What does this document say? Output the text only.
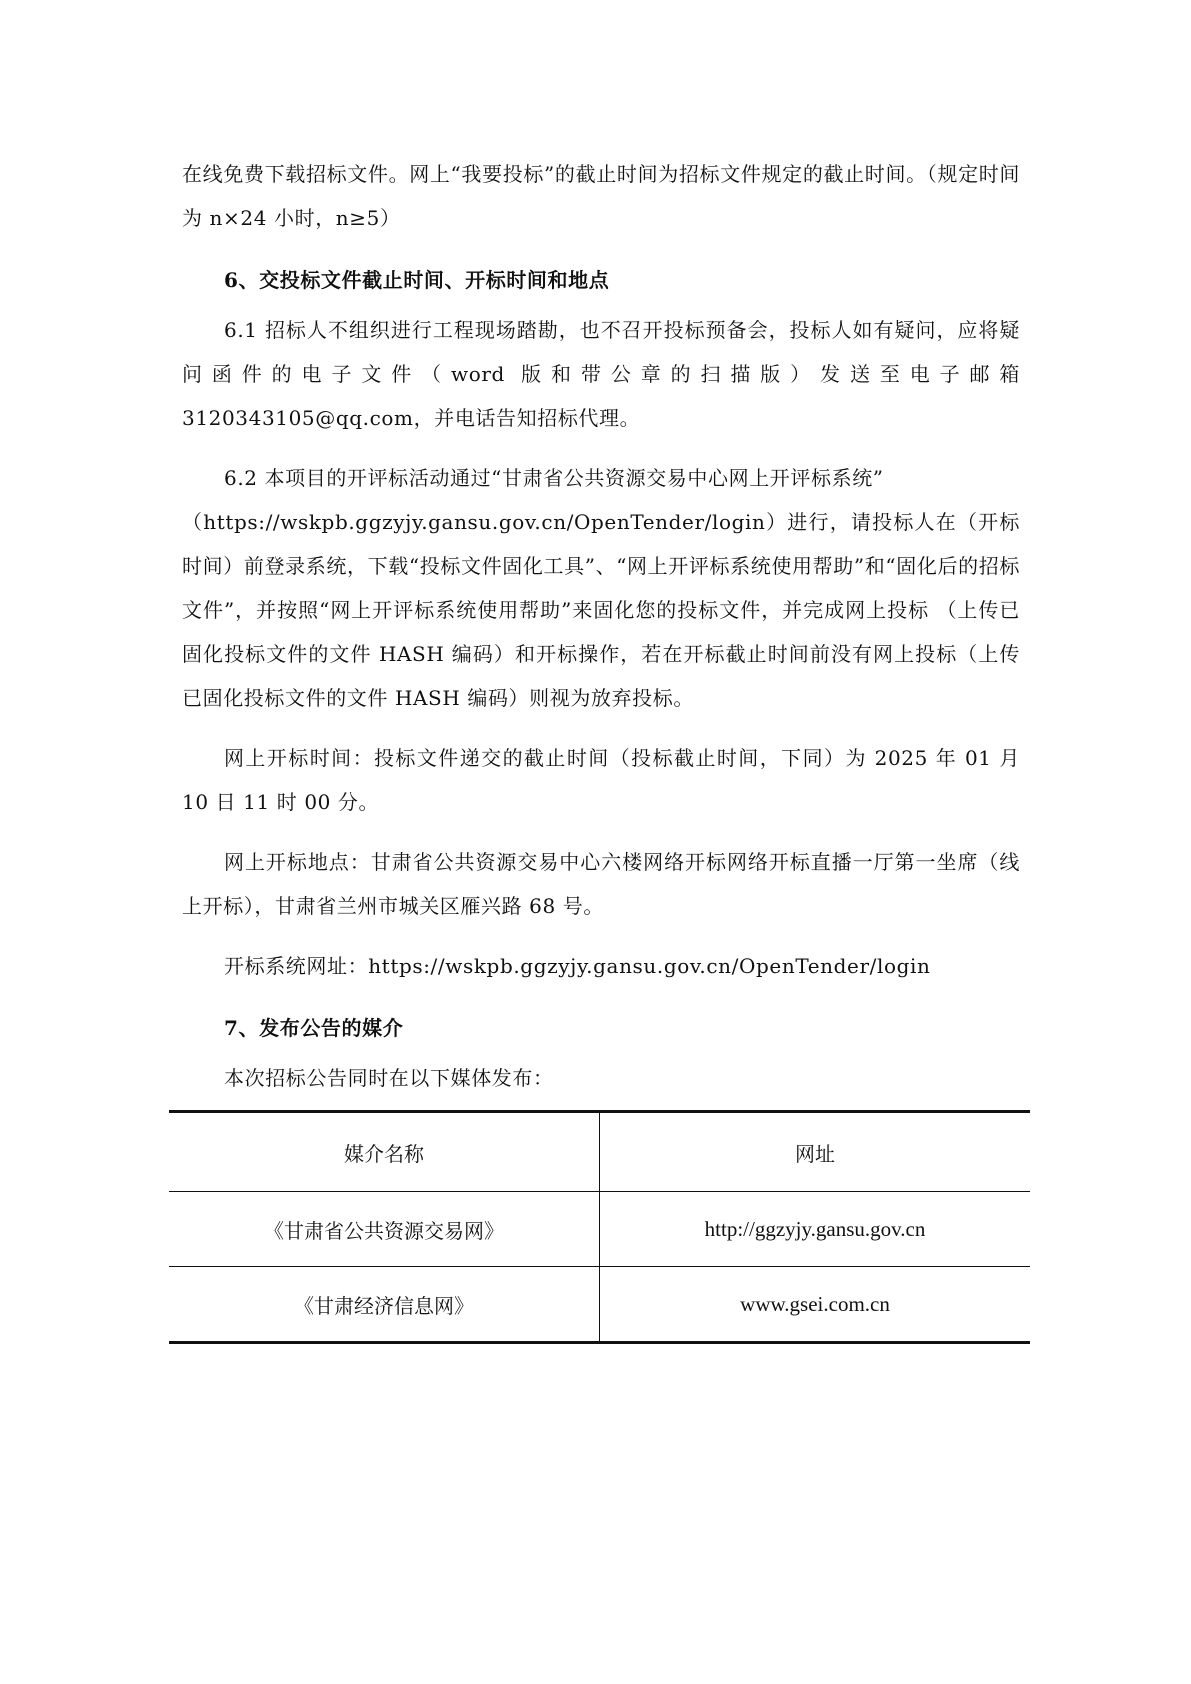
在线免费下载招标文件。网上“我要投标”的截止时间为招标文件规定的截止时间。（规定时间为 n×24 小时，n≥5）

6、交投标文件截止时间、开标时间和地点

6.1 招标人不组织进行工程现场踏勘，也不召开投标预备会，投标人如有疑问，应将疑问函件的电子文件（word 版和带公章的扫描版）发送至电子邮箱 3120343105@qq.com，并电话告知招标代理。

6.2 本项目的开评标活动通过“甘肃省公共资源交易中心网上开评标系统”

（https://wskpb.ggzyjy.gansu.gov.cn/OpenTender/login）进行，请投标人在（开标时间）前登录系统，下载“投标文件固化工具”、“网上开评标系统使用帮助”和“固化后的招标文件”，并按照“网上开评标系统使用帮助”来固化您的投标文件，并完成网上投标 （上传已固化投标文件的文件 HASH 编码）和开标操作，若在开标截止时间前没有网上投标（上传已固化投标文件的文件 HASH 编码）则视为放弃投标。

网上开标时间：投标文件递交的截止时间（投标截止时间，下同）为 2025 年 01 月 10 日 11 时 00 分。

网上开标地点：甘肃省公共资源交易中心六楼网络开标网络开标直播一厅第一坐席（线上开标），甘肃省兰州市城关区雁兴路 68 号。

开标系统网址：https://wskpb.ggzyjy.gansu.gov.cn/OpenTender/login

7、发布公告的媒介

本次招标公告同时在以下媒体发布：

媒介名称	网址
《甘肃省公共资源交易网》	http://ggzyjy.gansu.gov.cn
《甘肃经济信息网》	www.gsei.com.cn
